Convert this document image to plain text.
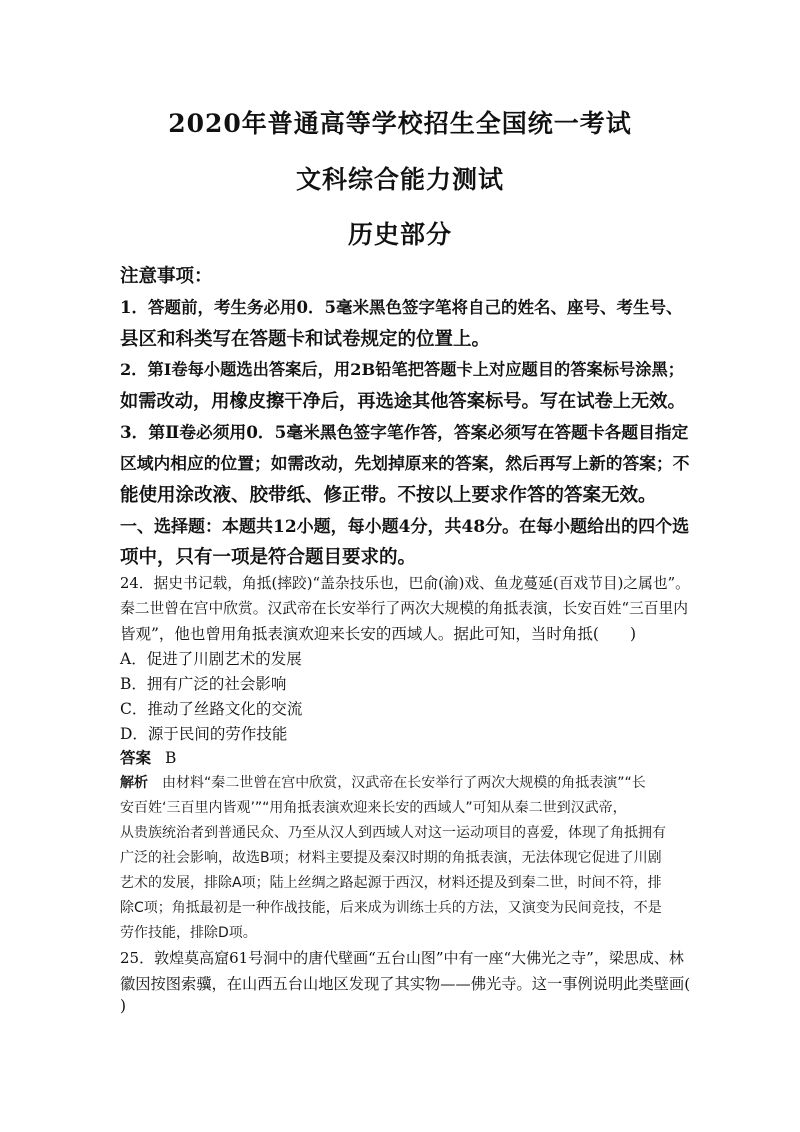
2020年普通高等学校招生全国统一考试
文科综合能力测试
历史部分
注意事项：
1．答题前，考生务必用0．5毫米黑色签字笔将自己的姓名、座号、考生号、
县区和科类写在答题卡和试卷规定的位置上。
2．第Ⅰ卷每小题选出答案后，用2B铅笔把答题卡上对应题目的答案标号涂黑；
如需改动，用橡皮擦干净后，再选途其他答案标号。写在试卷上无效。
3．第Ⅱ卷必须用0．5毫米黑色签字笔作答，答案必须写在答题卡各题目指定
区域内相应的位置；如需改动，先划掉原来的答案，然后再写上新的答案；不
能使用涂改液、胶带纸、修正带。不按以上要求作答的答案无效。
一、选择题：本题共12小题，每小题4分，共48分。在每小题给出的四个选
项中，只有一项是符合题目要求的。
24．据史书记载，角抵(摔跤)“盖杂技乐也，巴俞(渝)戏、鱼龙蔓延(百戏节目)之属也”。
秦二世曾在宫中欣赏。汉武帝在长安举行了两次大规模的角抵表演，长安百姓“三百里内
皆观”，他也曾用角抵表演欢迎来长安的西域人。据此可知，当时角抵(　　)
A．促进了川剧艺术的发展
B．拥有广泛的社会影响
C．推动了丝路文化的交流
D．源于民间的劳作技能
答案 B
解析 由材料“秦二世曾在宫中欣赏，汉武帝在长安举行了两次大规模的角抵表演”“长
安百姓‘三百里内皆观’”“用角抵表演欢迎来长安的西域人”可知从秦二世到汉武帝，
从贵族统治者到普通民众、乃至从汉人到西域人对这一运动项目的喜爱，体现了角抵拥有
广泛的社会影响，故选B项；材料主要提及秦汉时期的角抵表演，无法体现它促进了川剧
艺术的发展，排除A项；陆上丝绸之路起源于西汉，材料还提及到秦二世，时间不符，排
除C项；角抵最初是一种作战技能，后来成为训练士兵的方法，又演变为民间竞技，不是
劳作技能，排除D项。
25．敦煌莫高窟61号洞中的唐代壁画“五台山图”中有一座“大佛光之寺”，梁思成、林
徽因按图索骥，在山西五台山地区发现了其实物——佛光寺。这一事例说明此类壁画(
)
